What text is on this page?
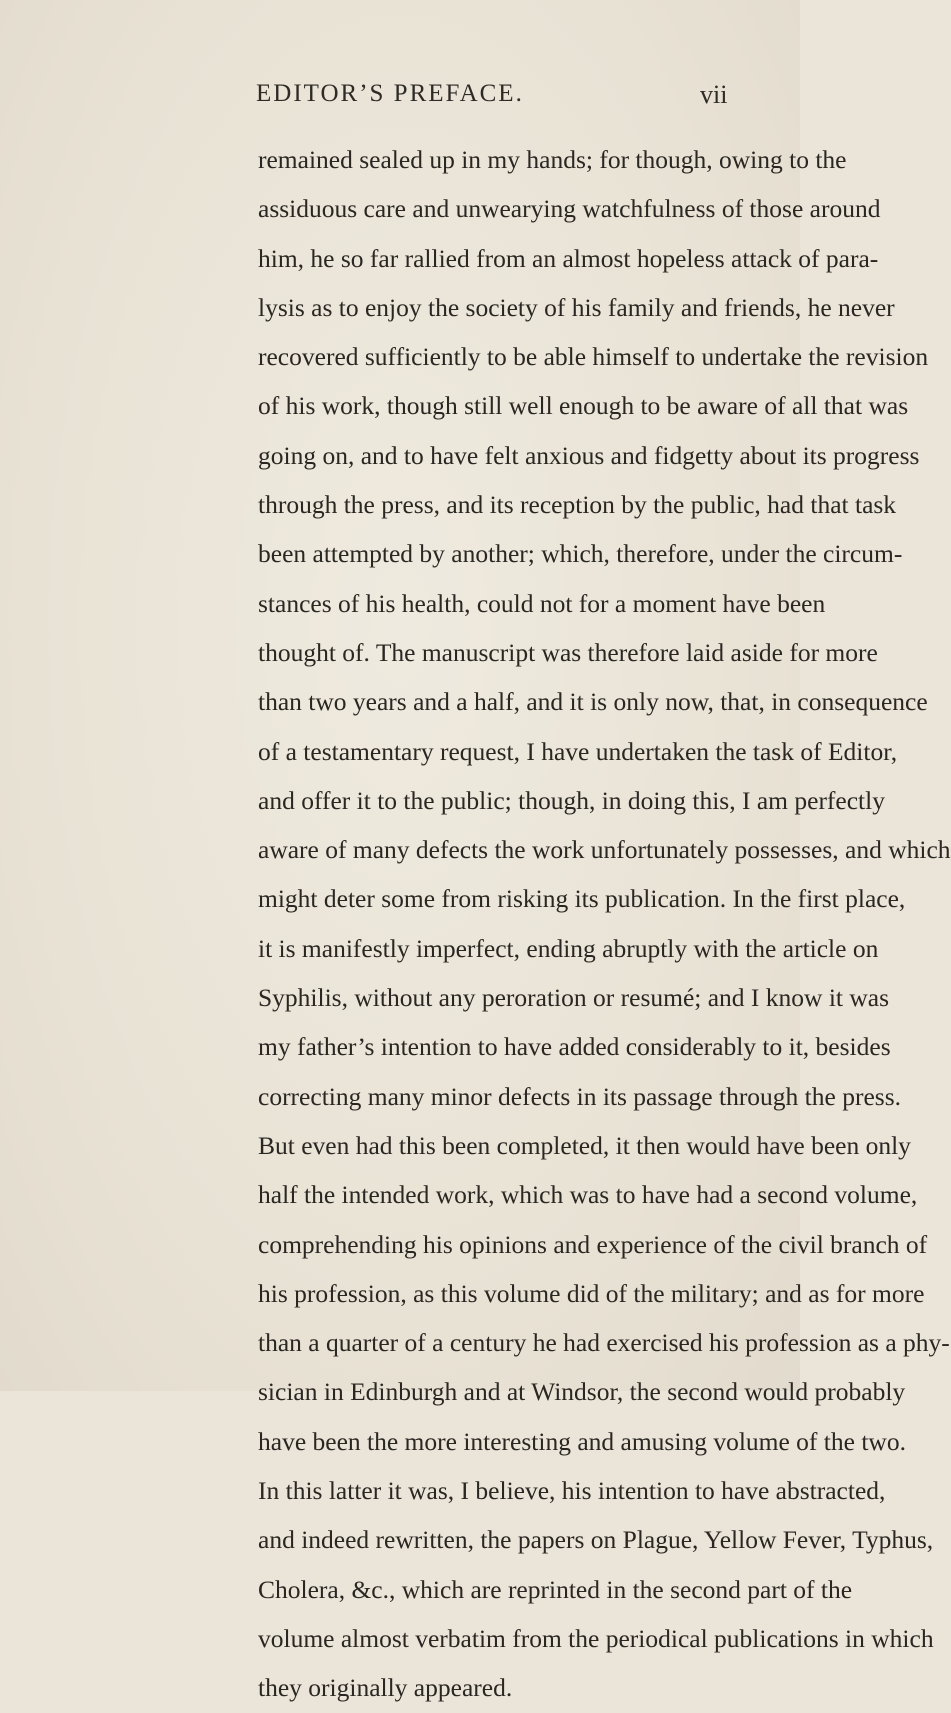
EDITOR’S PREFACE.	vii
remained sealed up in my hands; for though, owing to the
assiduous care and unwearying watchfulness of those around
him, he so far rallied from an almost hopeless attack of para-
lysis as to enjoy the society of his family and friends, he never
recovered sufficiently to be able himself to undertake the revision
of his work, though still well enough to be aware of all that was
going on, and to have felt anxious and fidgetty about its progress
through the press, and its reception by the public, had that task
been attempted by another; which, therefore, under the circum-
stances of his health, could not for a moment have been
thought of. The manuscript was therefore laid aside for more
than two years and a half, and it is only now, that, in consequence
of a testamentary request, I have undertaken the task of Editor,
and offer it to the public; though, in doing this, I am perfectly
aware of many defects the work unfortunately possesses, and which
might deter some from risking its publication. In the first place,
it is manifestly imperfect, ending abruptly with the article on
Syphilis, without any peroration or resumé; and I know it was
my father’s intention to have added considerably to it, besides
correcting many minor defects in its passage through the press.
But even had this been completed, it then would have been only
half the intended work, which was to have had a second volume,
comprehending his opinions and experience of the civil branch of
his profession, as this volume did of the military; and as for more
than a quarter of a century he had exercised his profession as a phy-
sician in Edinburgh and at Windsor, the second would probably
have been the more interesting and amusing volume of the two.
In this latter it was, I believe, his intention to have abstracted,
and indeed rewritten, the papers on Plague, Yellow Fever, Typhus,
Cholera, &c., which are reprinted in the second part of the
volume almost verbatim from the periodical publications in which
they originally appeared.
